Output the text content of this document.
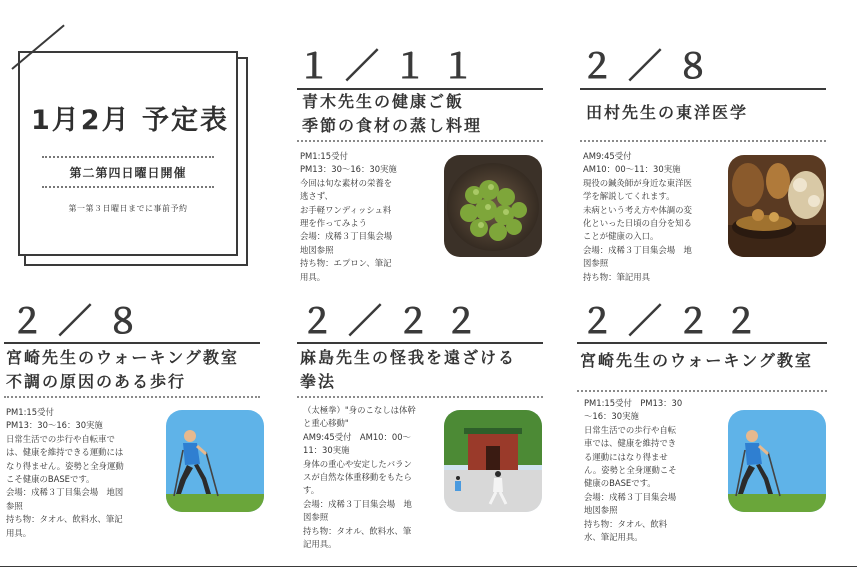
1月2月 予定表
第二第四日曜日開催
第一第３日曜日までに事前予約
１／１１
青木先生の健康ご飯
季節の食材の蒸し料理
PM1:15受付
PM13：30～16：30実施
今回は旬な素材の栄養を
逃さず、
お手軽ワンディッシュ料
理を作ってみよう
会場：戍稀３丁目集会場
地図参照
持ち物：エプロン、筆記
用具。
２／８
田村先生の東洋医学
AM9:45受付
AM10：00～11：30実施
現役の鍼灸師が身近な東洋医
学を解説してくれます。
未病という考え方や体調の変
化といった日頃の自分を知る
ことが健康の入口。
会場：戍稀３丁目集会場　地
図参照
持ち物：筆記用具
２／８
宮崎先生のウォーキング教室
不調の原因のある歩行
PM1:15受付
PM13：30～16：30実施
日常生活での歩行や自転車で
は、健康を維持できる運動には
なり得ません。姿勢と全身運動
こそ健康のBASEです。
会場：戍稀３丁目集会場　地図
参照
持ち物：タオル、飲料水、筆記
用具。
２／２２
麻島先生の怪我を遠ざける
拳法
（太極拳）"身のこなしは体幹
と重心移動"
AM9:45受付　AM10：00～
11：30実施
身体の重心や安定したバラン
スが自然な体重移動をもたら
す。
会場：戍稀３丁目集会場　地
図参照
持ち物：タオル、飲料水、筆
記用具。
２／２２
宮崎先生のウォーキング教室
PM1:15受付　PM13：30
～16：30実施
日常生活での歩行や自転
車では、健康を維持でき
る運動にはなり得ませ
ん。姿勢と全身運動こそ
健康のBASEです。
会場：戍稀３丁目集会場
地図参照
持ち物：タオル、飲料
水、筆記用具。
